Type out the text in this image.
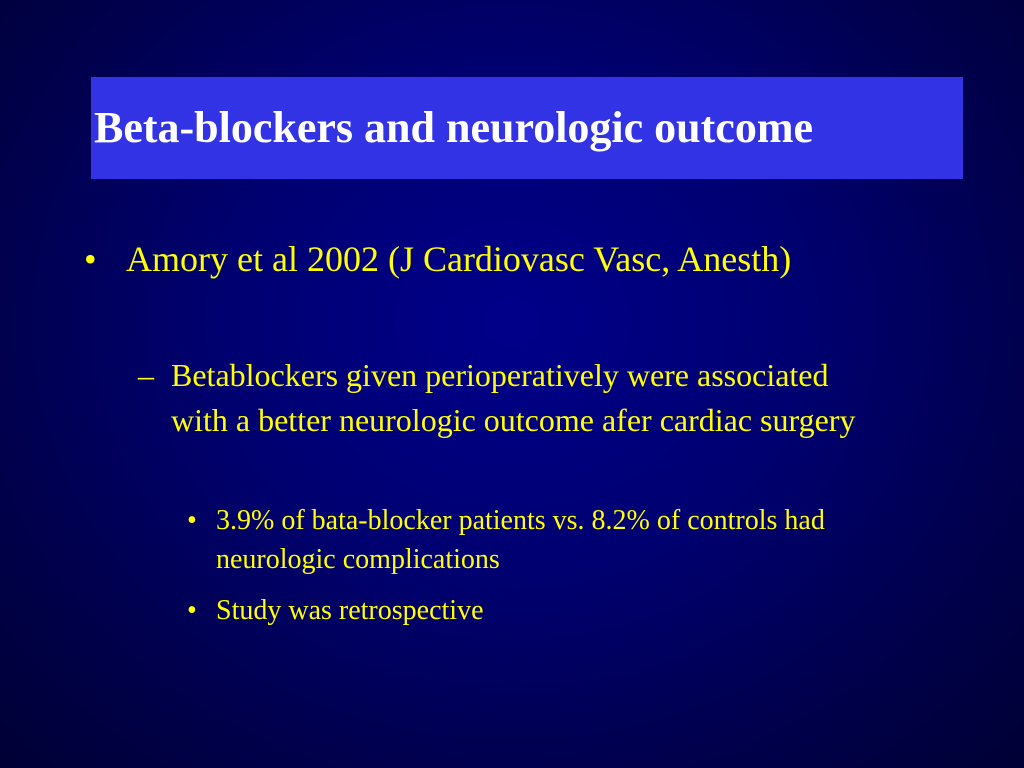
Beta-blockers and neurologic outcome
• Amory et al 2002 (J Cardiovasc Vasc, Anesth)
– Betablockers given perioperatively were associated with a better neurologic outcome afer cardiac surgery
• 3.9% of bata-blocker patients vs. 8.2% of controls had neurologic complications
• Study was retrospective
